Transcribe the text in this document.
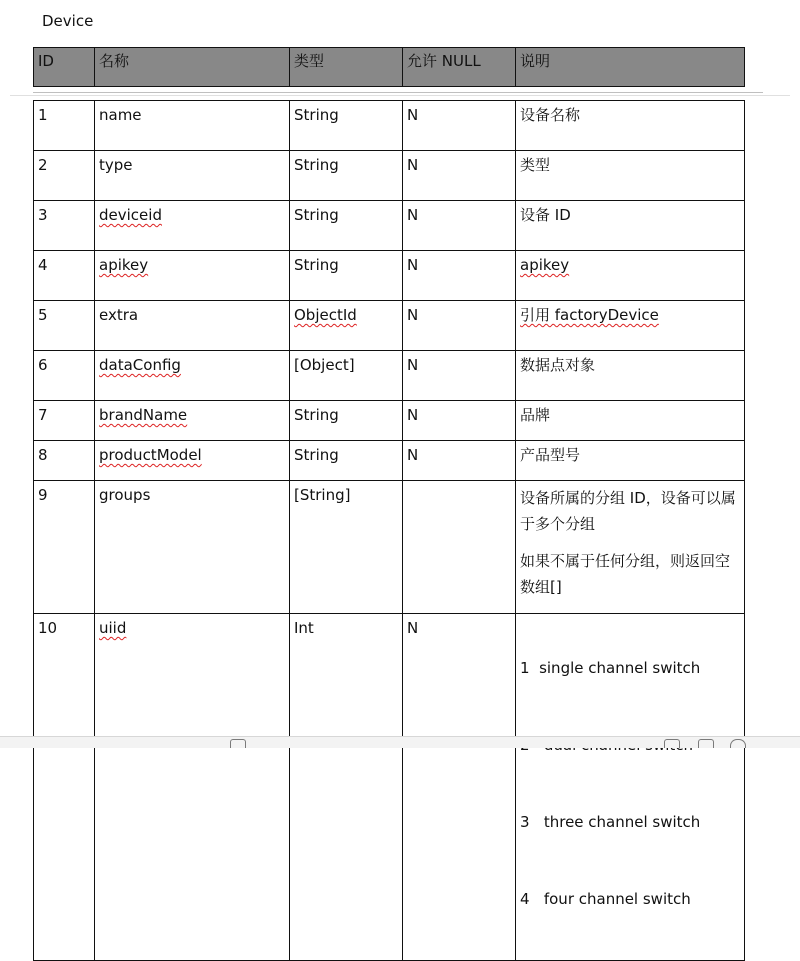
Device
ID	名称	类型	允许 NULL	说明
1	name	String	N	设备名称
2	type	String	N	类型
3	deviceid	String	N	设备 ID
4	apikey	String	N	apikey
5	extra	ObjectId	N	引用 factoryDevice
6	dataConfig	[Object]	N	数据点对象
7	brandName	String	N	品牌
8	productModel	String	N	产品型号
9	groups	[String]		设备所属的分组 ID，设备可以属于多个分组

如果不属于任何分组，则返回空数组[]

10	uiid	Int	N	1  single channel switch

3   three channel switch

4   four channel switch
